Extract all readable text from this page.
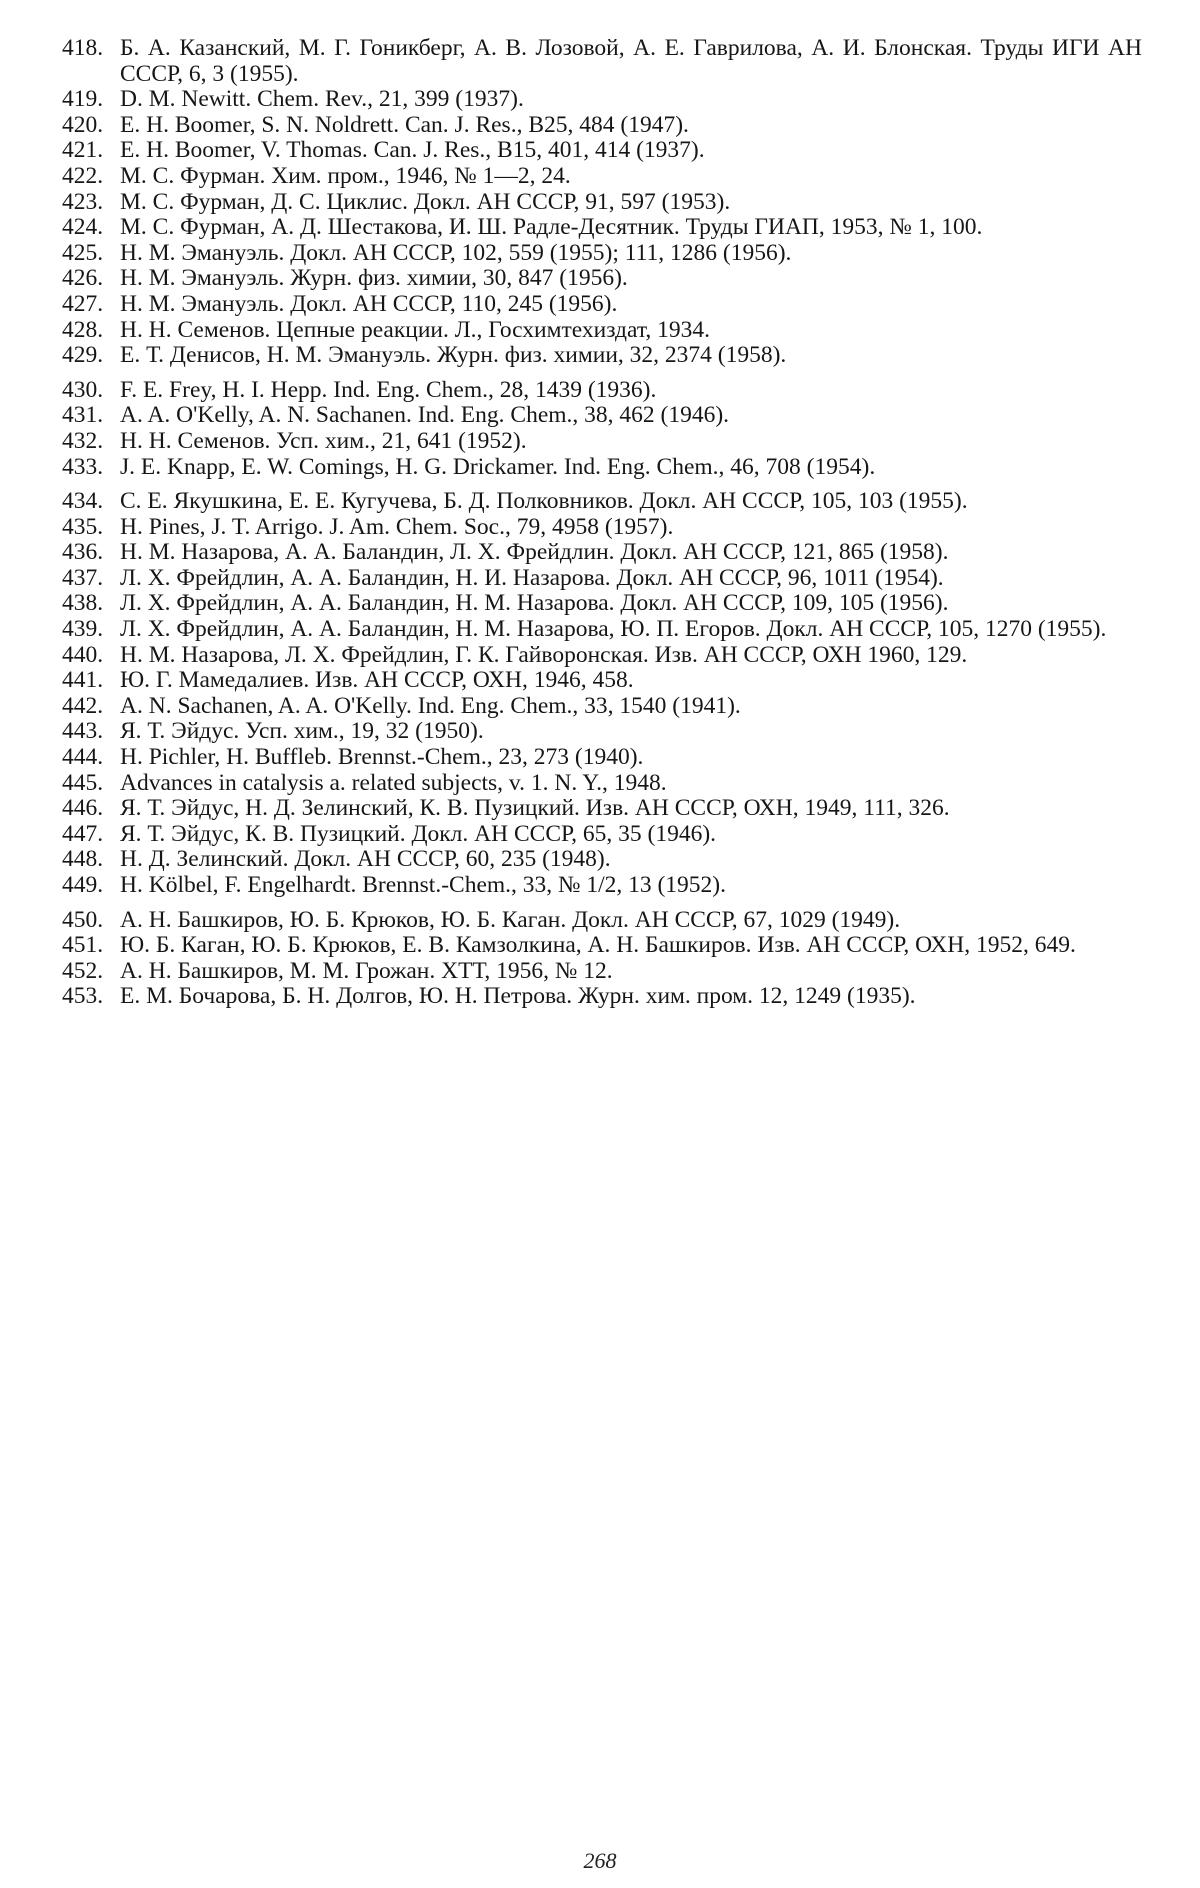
418. Б. А. Казанский, М. Г. Гоникберг, А. В. Лозовой, А. Е. Гаврилова, А. И. Блонская. Труды ИГИ АН СССР, 6, 3 (1955).
419. D. M. Newitt. Chem. Rev., 21, 399 (1937).
420. E. H. Boomer, S. N. Noldrett. Can. J. Res., B25, 484 (1947).
421. E. H. Boomer, V. Thomas. Can. J. Res., B15, 401, 414 (1937).
422. М. С. Фурман. Хим. пром., 1946, № 1—2, 24.
423. М. С. Фурман, Д. С. Циклис. Докл. АН СССР, 91, 597 (1953).
424. М. С. Фурман, А. Д. Шестакова, И. Ш. Радле-Десятник. Труды ГИАП, 1953, № 1, 100.
425. Н. М. Эмануэль. Докл. АН СССР, 102, 559 (1955); 111, 1286 (1956).
426. Н. М. Эмануэль. Журн. физ. химии, 30, 847 (1956).
427. Н. М. Эмануэль. Докл. АН СССР, 110, 245 (1956).
428. Н. Н. Семенов. Цепные реакции. Л., Госхимтехиздат, 1934.
429. Е. Т. Денисов, Н. М. Эмануэль. Журн. физ. химии, 32, 2374 (1958).
430. F. E. Frey, H. I. Hepp. Ind. Eng. Chem., 28, 1439 (1936).
431. A. A. O'Kelly, A. N. Sachanen. Ind. Eng. Chem., 38, 462 (1946).
432. Н. Н. Семенов. Усп. хим., 21, 641 (1952).
433. J. E. Knapp, E. W. Comings, H. G. Drickamer. Ind. Eng. Chem., 46, 708 (1954).
434. С. Е. Якушкина, Е. Е. Кугучева, Б. Д. Полковников. Докл. АН СССР, 105, 103 (1955).
435. H. Pines, J. T. Arrigo. J. Am. Chem. Soc., 79, 4958 (1957).
436. Н. М. Назарова, А. А. Баландин, Л. Х. Фрейдлин. Докл. АН СССР, 121, 865 (1958).
437. Л. Х. Фрейдлин, А. А. Баландин, Н. И. Назарова. Докл. АН СССР, 96, 1011 (1954).
438. Л. Х. Фрейдлин, А. А. Баландин, Н. М. Назарова. Докл. АН СССР, 109, 105 (1956).
439. Л. Х. Фрейдлин, А. А. Баландин, Н. М. Назарова, Ю. П. Егоров. Докл. АН СССР, 105, 1270 (1955).
440. Н. М. Назарова, Л. Х. Фрейдлин, Г. К. Гайворонская. Изв. АН СССР, ОХН 1960, 129.
441. Ю. Г. Мамедалиев. Изв. АН СССР, ОХН, 1946, 458.
442. A. N. Sachanen, A. A. O'Kelly. Ind. Eng. Chem., 33, 1540 (1941).
443. Я. Т. Эйдус. Усп. хим., 19, 32 (1950).
444. H. Pichler, H. Buffleb. Brennst.-Chem., 23, 273 (1940).
445. Advances in catalysis a. related subjects, v. 1. N. Y., 1948.
446. Я. Т. Эйдус, Н. Д. Зелинский, К. В. Пузицкий. Изв. АН СССР, ОХН, 1949, 111, 326.
447. Я. Т. Эйдус, К. В. Пузицкий. Докл. АН СССР, 65, 35 (1946).
448. Н. Д. Зелинский. Докл. АН СССР, 60, 235 (1948).
449. H. Kölbel, F. Engelhardt. Brennst.-Chem., 33, № 1/2, 13 (1952).
450. А. Н. Башкиров, Ю. Б. Крюков, Ю. Б. Каган. Докл. АН СССР, 67, 1029 (1949).
451. Ю. Б. Каган, Ю. Б. Крюков, Е. В. Камзолкина, А. Н. Башкиров. Изв. АН СССР, ОХН, 1952, 649.
452. А. Н. Башкиров, М. М. Грожан. ХТТ, 1956, № 12.
453. Е. М. Бочарова, Б. Н. Долгов, Ю. Н. Петрова. Журн. хим. пром. 12, 1249 (1935).
268
